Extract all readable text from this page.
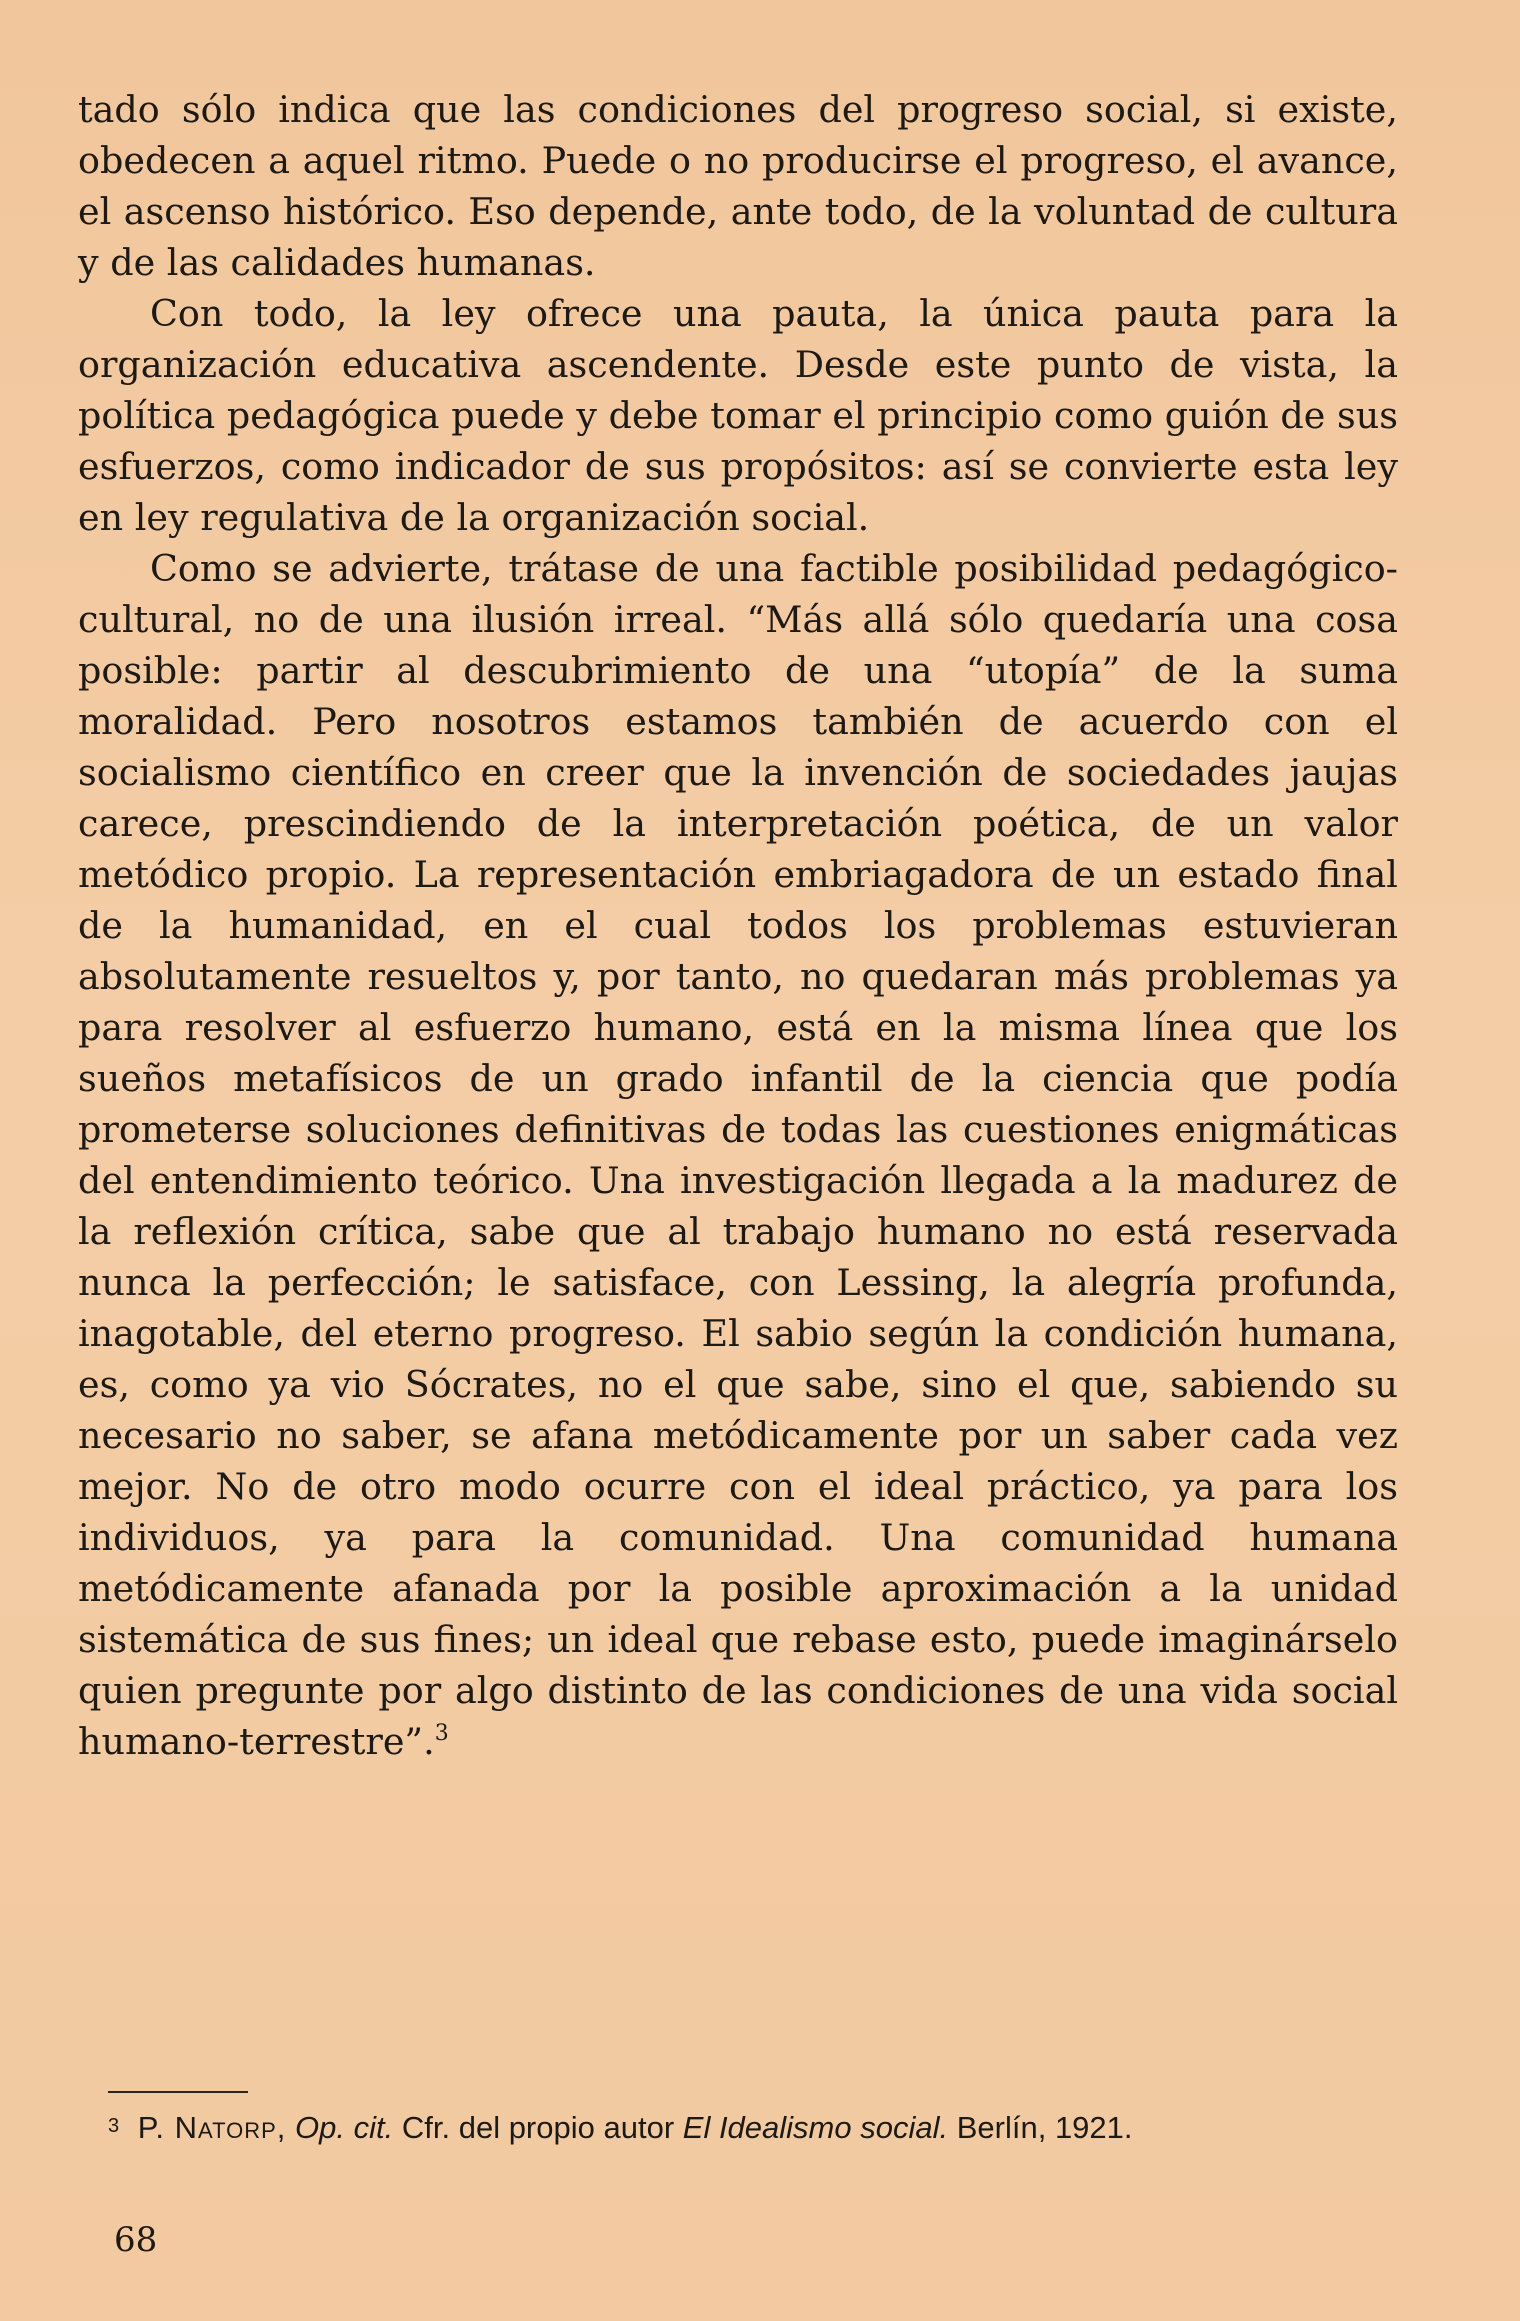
tado sólo indica que las condiciones del progreso social, si existe, obedecen a aquel ritmo. Puede o no producirse el progreso, el avance, el ascenso histórico. Eso depende, ante todo, de la voluntad de cultura y de las calidades humanas.

Con todo, la ley ofrece una pauta, la única pauta para la organización educativa ascendente. Desde este punto de vista, la política pedagógica puede y debe tomar el principio como guión de sus esfuerzos, como indicador de sus propósitos: así se convierte esta ley en ley regulativa de la organización social.

Como se advierte, trátase de una factible posibilidad pedagógico-cultural, no de una ilusión irreal. “Más allá sólo quedaría una cosa posible: partir al descubrimiento de una “utopía” de la suma moralidad. Pero nosotros estamos también de acuerdo con el socialismo científico en creer que la invención de sociedades jaujas carece, prescindiendo de la interpretación poética, de un valor metódico propio. La representación embriagadora de un estado final de la humanidad, en el cual todos los problemas estuvieran absolutamente resueltos y, por tanto, no quedaran más problemas ya para resolver al esfuerzo humano, está en la misma línea que los sueños metafísicos de un grado infantil de la ciencia que podía prometerse soluciones definitivas de todas las cuestiones enigmáticas del entendimiento teórico. Una investigación llegada a la madurez de la reflexión crítica, sabe que al trabajo humano no está reservada nunca la perfección; le satisface, con Lessing, la alegría profunda, inagotable, del eterno progreso. El sabio según la condición humana, es, como ya vio Sócrates, no el que sabe, sino el que, sabiendo su necesario no saber, se afana metódicamente por un saber cada vez mejor. No de otro modo ocurre con el ideal práctico, ya para los individuos, ya para la comunidad. Una comunidad humana metódicamente afanada por la posible aproximación a la unidad sistemática de sus fines; un ideal que rebase esto, puede imaginárselo quien pregunte por algo distinto de las condiciones de una vida social humano-terrestre”.$^3$

3 P. Natorp, Op. cit. Cfr. del propio autor El Idealismo social. Berlín, 1921.
68
